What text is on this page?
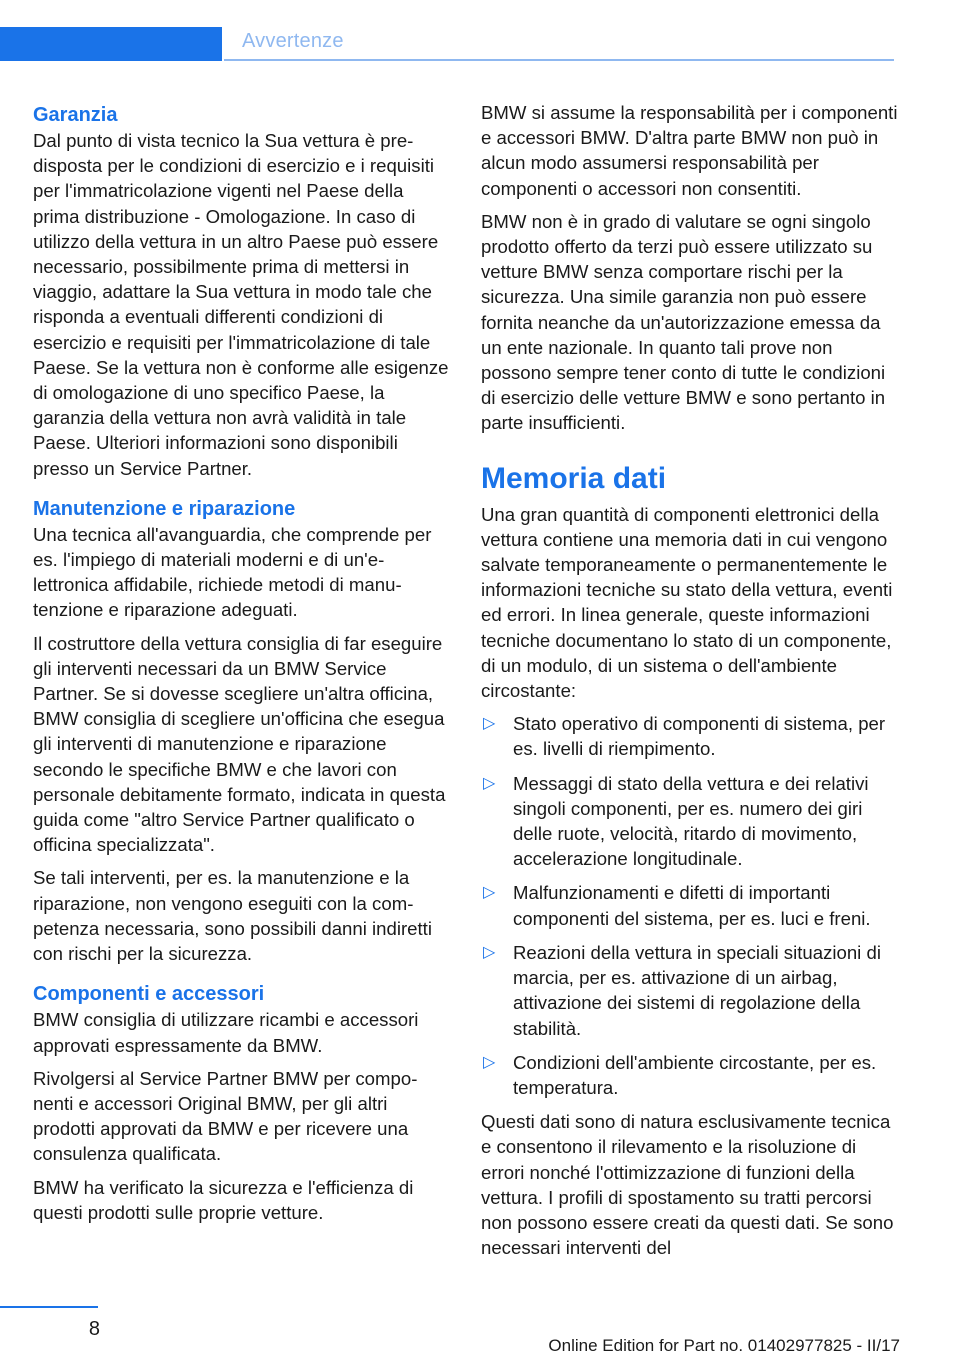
Avvertenze
Garanzia

Dal punto di vista tecnico la Sua vettura è predisposta per le condizioni di esercizio e i requisiti per l'immatricolazione vigenti nel Paese della prima distribuzione - Omologazione. In caso di utilizzo della vettura in un altro Paese può essere necessario, possibilmente prima di mettersi in viaggio, adattare la Sua vettura in modo tale che risponda a eventuali differenti condizioni di esercizio e requisiti per l'immatricolazione di tale Paese. Se la vettura non è conforme alle esigenze di omologazione di uno specifico Paese, la garanzia della vettura non avrà validità in tale Paese. Ulteriori informazioni sono disponibili presso un Service Partner.

Manutenzione e riparazione

Una tecnica all'avanguardia, che comprende per es. l'impiego di materiali moderni e di un'elettronica affidabile, richiede metodi di manutenzione e riparazione adeguati.

Il costruttore della vettura consiglia di far eseguire gli interventi necessari da un BMW Service Partner. Se si dovesse scegliere un'altra officina, BMW consiglia di scegliere un'officina che esegua gli interventi di manutenzione e riparazione secondo le specifiche BMW e che lavori con personale debitamente formato, indicata in questa guida come "altro Service Partner qualificato o officina specializzata".

Se tali interventi, per es. la manutenzione e la riparazione, non vengono eseguiti con la competenza necessaria, sono possibili danni indiretti con rischi per la sicurezza.

Componenti e accessori

BMW consiglia di utilizzare ricambi e accessori approvati espressamente da BMW.

Rivolgersi al Service Partner BMW per componenti e accessori Original BMW, per gli altri prodotti approvati da BMW e per ricevere una consulenza qualificata.

BMW ha verificato la sicurezza e l'efficienza di questi prodotti sulle proprie vetture.

BMW si assume la responsabilità per i componenti e accessori BMW. D'altra parte BMW non può in alcun modo assumersi responsabilità per componenti o accessori non consentiti.

BMW non è in grado di valutare se ogni singolo prodotto offerto da terzi può essere utilizzato su vetture BMW senza comportare rischi per la sicurezza. Una simile garanzia non può essere fornita neanche da un'autorizzazione emessa da un ente nazionale. In quanto tali prove non possono sempre tener conto di tutte le condizioni di esercizio delle vetture BMW e sono pertanto in parte insufficienti.

Memoria dati

Una gran quantità di componenti elettronici della vettura contiene una memoria dati in cui vengono salvate temporaneamente o permanentemente le informazioni tecniche su stato della vettura, eventi ed errori. In linea generale, queste informazioni tecniche documentano lo stato di un componente, di un modulo, di un sistema o dell'ambiente circostante:

▷ Stato operativo di componenti di sistema, per es. livelli di riempimento.
▷ Messaggi di stato della vettura e dei relativi singoli componenti, per es. numero dei giri delle ruote, velocità, ritardo di movimento, accelerazione longitudinale.
▷ Malfunzionamenti e difetti di importanti componenti del sistema, per es. luci e freni.
▷ Reazioni della vettura in speciali situazioni di marcia, per es. attivazione di un airbag, attivazione dei sistemi di regolazione della stabilità.
▷ Condizioni dell'ambiente circostante, per es. temperatura.

Questi dati sono di natura esclusivamente tecnica e consentono il rilevamento e la risoluzione di errori nonché l'ottimizzazione di funzioni della vettura. I profili di spostamento su tratti percorsi non possono essere creati da questi dati. Se sono necessari interventi del

8
Online Edition for Part no. 01402977825 - II/17
